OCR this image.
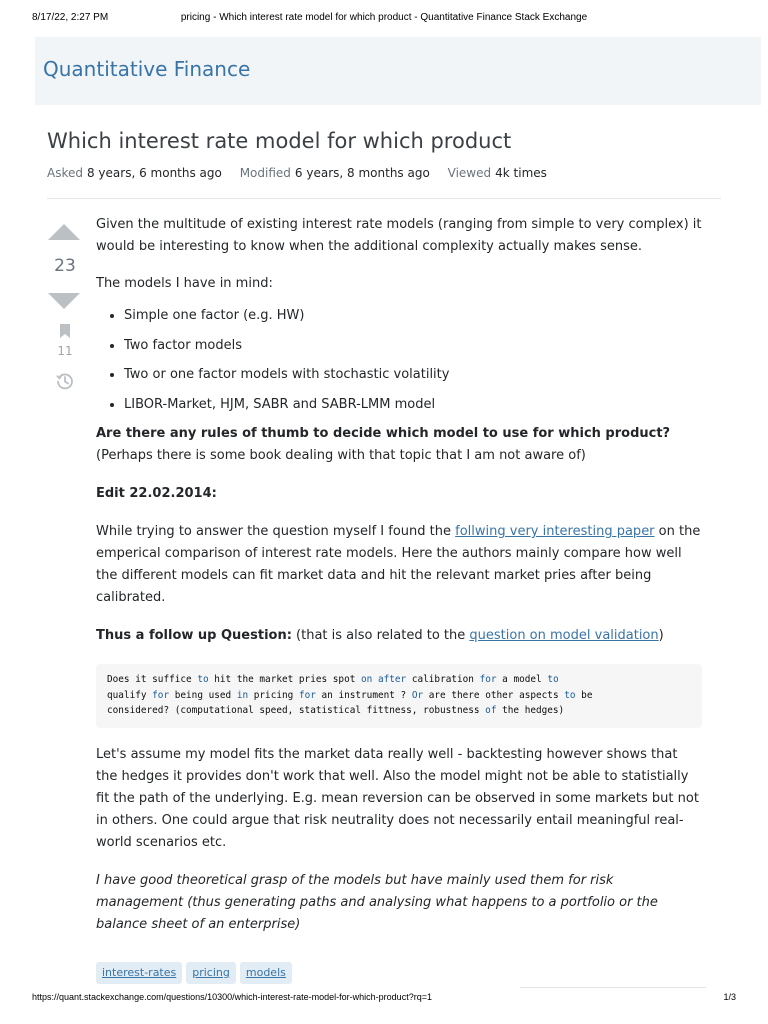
8/17/22, 2:27 PM	pricing - Which interest rate model for which product - Quantitative Finance Stack Exchange
Quantitative Finance
Which interest rate model for which product
Asked 8 years, 6 months ago Modified 6 years, 8 months ago Viewed 4k times
23
11

Given the multitude of existing interest rate models (ranging from simple to very complex) it would be interesting to know when the additional complexity actually makes sense.

The models I have in mind:

• Simple one factor (e.g. HW)
• Two factor models
• Two or one factor models with stochastic volatility
• LIBOR-Market, HJM, SABR and SABR-LMM model

Are there any rules of thumb to decide which model to use for which product? (Perhaps there is some book dealing with that topic that I am not aware of)

Edit 22.02.2014:

While trying to answer the question myself I found the follwing very interesting paper on the emperical comparison of interest rate models. Here the authors mainly compare how well the different models can fit market data and hit the relevant market pries after being calibrated.

Thus a follow up Question: (that is also related to the question on model validation)

Does it suffice to hit the market pries spot on after calibration for a model to
qualify for being used in pricing for an instrument ? Or are there other aspects to be
considered? (computational speed, statistical fittness, robustness of the hedges)

Let's assume my model fits the market data really well - backtesting however shows that the hedges it provides don't work that well. Also the model might not be able to statistially fit the path of the underlying. E.g. mean reversion can be observed in some markets but not in others. One could argue that risk neutrality does not necessarily entail meaningful real-world scenarios etc.

I have good theoretical grasp of the models but have mainly used them for risk management (thus generating paths and analysing what happens to a portfolio or the balance sheet of an enterprise)

interest-rates pricing models
https://quant.stackexchange.com/questions/10300/which-interest-rate-model-for-which-product?rq=1	1/3
